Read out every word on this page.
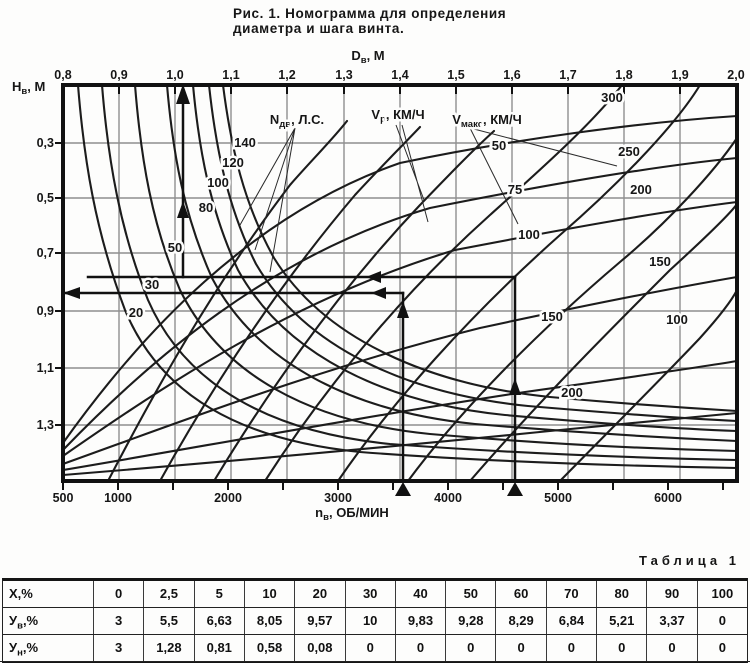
Рис. 1. Номограмма для определения
диаметра и шага винта.
$D_в$, М
$Н_в$, М
$n_в$, ОБ/МИН
$N_{дв}$, Л.С.	$V_р$, КМ/Ч $V_{макс}$, КМ/Ч
0,8	0,9	1,0	1,1	1,2	1,3	1,4	1,5	1,6	1,7	1,8	1,9	2,0
0,3
0,5
0,7
0,9
1,1
1,3
500 1000	2000	3000	4000	5000	6000
20
30
50
80
100
120
140	50
75
100
150
200
100
150
200
250
300
Таблица 1
X,%	0	2,5	5	10	20	30	40	50	60	70	80	90	100
$У_в,\%$	3	5,5	6,63	8,05	9,57	10	9,83	9,28	8,29	6,84	5,21	3,37	0
$У_н,\%$	3	1,28	0,81	0,58	0,08	0	0	0	0	0	0	0	0
